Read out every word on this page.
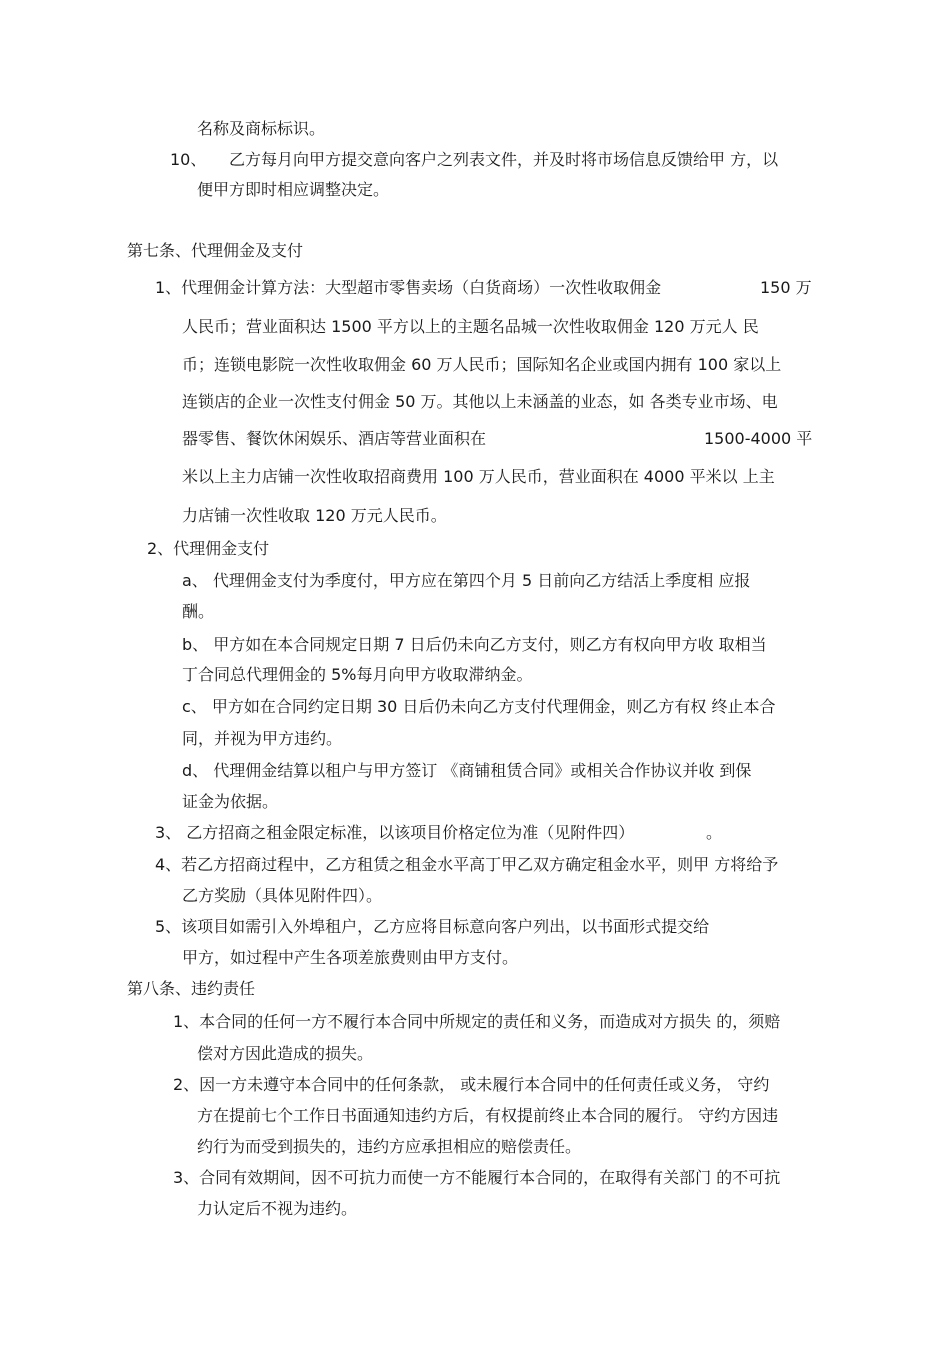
名称及商标标识。
10、 乙方每月向甲方提交意向客户之列表文件，并及时将市场信息反馈给甲 方，以
便甲方即时相应调整决定。
第七条、代理佣金及支付
1、代理佣金计算方法：大型超市零售卖场（白货商场）一次性收取佣金	150 万
人民币；营业面积达 1500 平方以上的主题名品城一次性收取佣金 120 万元人 民
币；连锁电影院一次性收取佣金 60 万人民币；国际知名企业或国内拥有 100 家以上
连锁店的企业一次性支付佣金 50 万。其他以上未涵盖的业态，如 各类专业市场、电
器零售、餐饮休闲娱乐、酒店等营业面积在	1500-4000 平
米以上主力店铺一次性收取招商费用 100 万人民币，营业面积在 4000 平米以 上主
力店铺一次性收取 120 万元人民币。
2、代理佣金支付
a、 代理佣金支付为季度付，甲方应在第四个月 5 日前向乙方结活上季度相 应报
酬。
b、 甲方如在本合同规定日期 7 日后仍未向乙方支付，则乙方有权向甲方收 取相当
丁合同总代理佣金的 5%每月向甲方收取滞纳金。
c、 甲方如在合同约定日期 30 日后仍未向乙方支付代理佣金，则乙方有权 终止本合
同，并视为甲方违约。
d、 代理佣金结算以租户与甲方签订 《商铺租赁合同》或相关合作协议并收 到保
证金为依据。
3、 乙方招商之租金限定标准，以该项目价格定位为准（见附件四）	。
4、若乙方招商过程中，乙方租赁之租金水平高丁甲乙双方确定租金水平，则甲 方将给予
乙方奖励（具体见附件四）。
5、该项目如需引入外埠租户，乙方应将目标意向客户列出，以书面形式提交给
甲方，如过程中产生各项差旅费则由甲方支付。
第八条、违约责任
1、本合同的任何一方不履行本合同中所规定的责任和义务，而造成对方损失 的，须赔
偿对方因此造成的损失。
2、因一方未遵守本合同中的任何条款， 或未履行本合同中的任何责任或义务， 守约
方在提前七个工作日书面通知违约方后，有权提前终止本合同的履行。 守约方因违
约行为而受到损失的，违约方应承担相应的赔偿责任。
3、合同有效期间，因不可抗力而使一方不能履行本合同的，在取得有关部门 的不可抗
力认定后不视为违约。
